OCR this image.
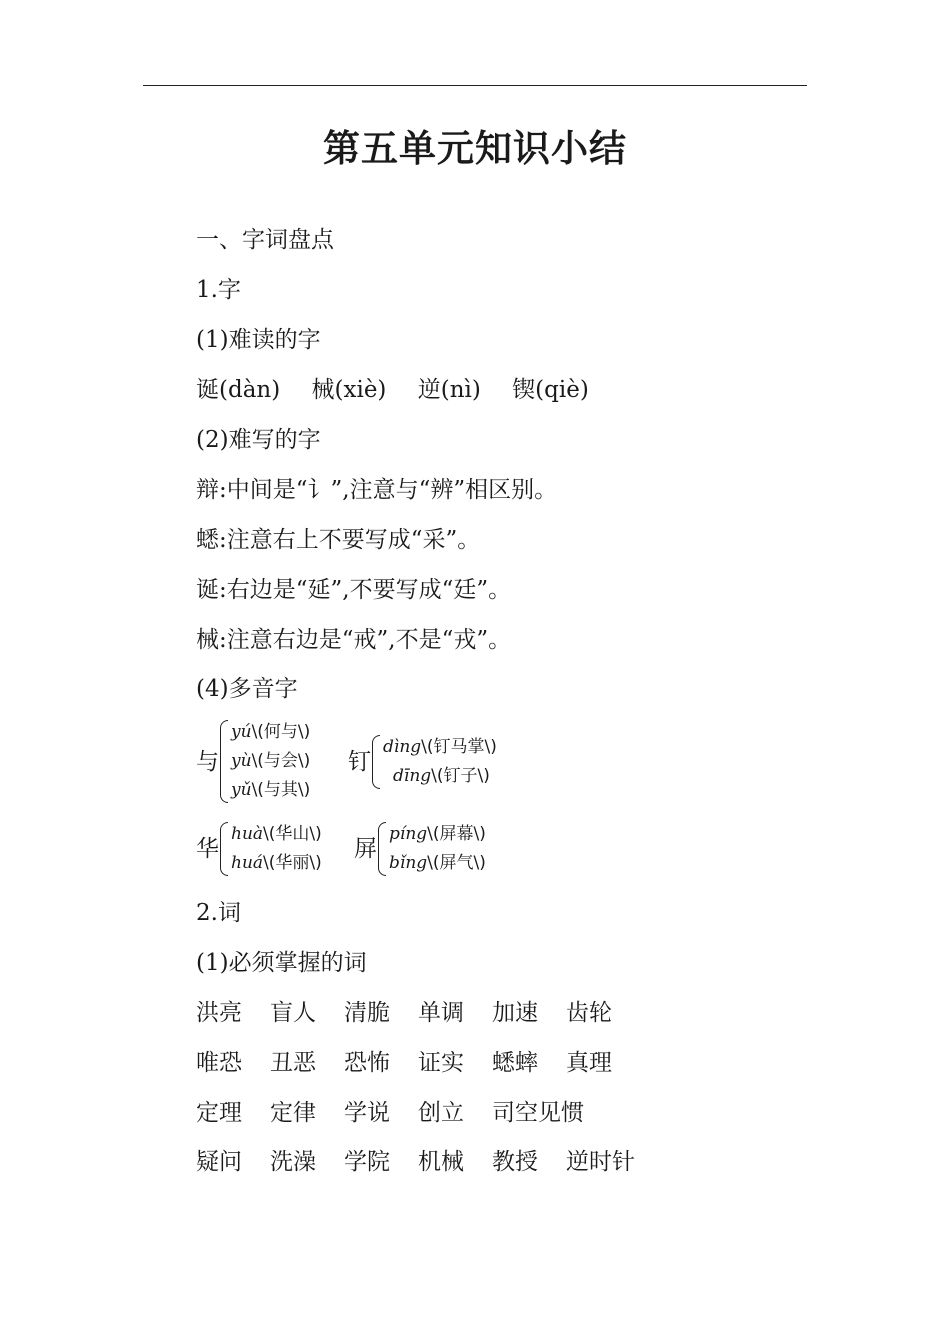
第五单元知识小结
一、字词盘点
1.字
(1)难读的字
诞(dàn) 械(xiè) 逆(nì) 锲(qiè)
(2)难写的字
辩:中间是“讠”,注意与“辨”相区别。
蟋:注意右上不要写成“采”。
诞:右边是“延”,不要写成“廷”。
械:注意右边是“戒”,不是“戎”。
(4)多音字
与
yú\(何与\)
yù\(与会\)
yǔ\(与其\)
钉
dìng\(钉马掌\)
dīng\(钉子\)
华
huà\(华山\)
huá\(华丽\)
屏
píng\(屏幕\)
bǐng\(屏气\)
2.词
(1)必须掌握的词
洪亮 盲人 清脆 单调 加速 齿轮
唯恐 丑恶 恐怖 证实 蟋蟀 真理
定理 定律 学说 创立 司空见惯
疑问 洗澡 学院 机械 教授 逆时针
